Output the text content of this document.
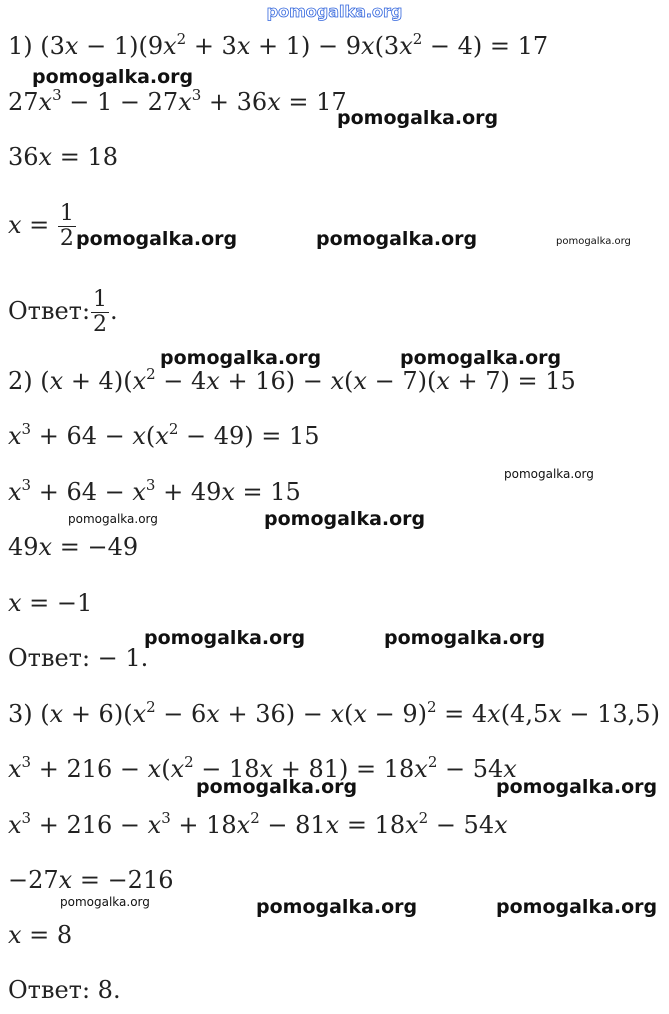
pomogalka.org
1) $(3x - 1)(9x^2 + 3x + 1) - 9x(3x^2 - 4) = 17$
$27x^3 - 1 - 27x^3 + 36x = 17$
36x = 18
$x = \frac{1}{2}$
Ответ: $\frac{1}{2}$ .
2) $(x + 4)(x^2 - 4x + 16) - x(x - 7)(x + 7) = 15$
$x^3 + 64 - x(x^2 - 49) = 15$
$x^3 + 64 - x^3 + 49x = 15$
49x = −49
x = −1
Ответ: − 1.
3) $(x + 6)(x^2 - 6x + 36) - x(x - 9)^2 = 4x(4,5x - 13,5)$
$x^3 + 216 - x(x^2 - 18x + 81) = 18x^2 - 54x$
$x^3 + 216 - x^3 + 18x^2 - 81x = 18x^2 - 54x$
−27x = −216
x = 8
Ответ: 8.
pomogalka.org
pomogalka.org
pomogalka.org	pomogalka.org	pomogalka.org
pomogalka.org	pomogalka.org
pomogalka.org
pomogalka.org	pomogalka.org
pomogalka.org	pomogalka.org
pomogalka.org	pomogalka.org
pomogalka.org	pomogalka.org	pomogalka.org
